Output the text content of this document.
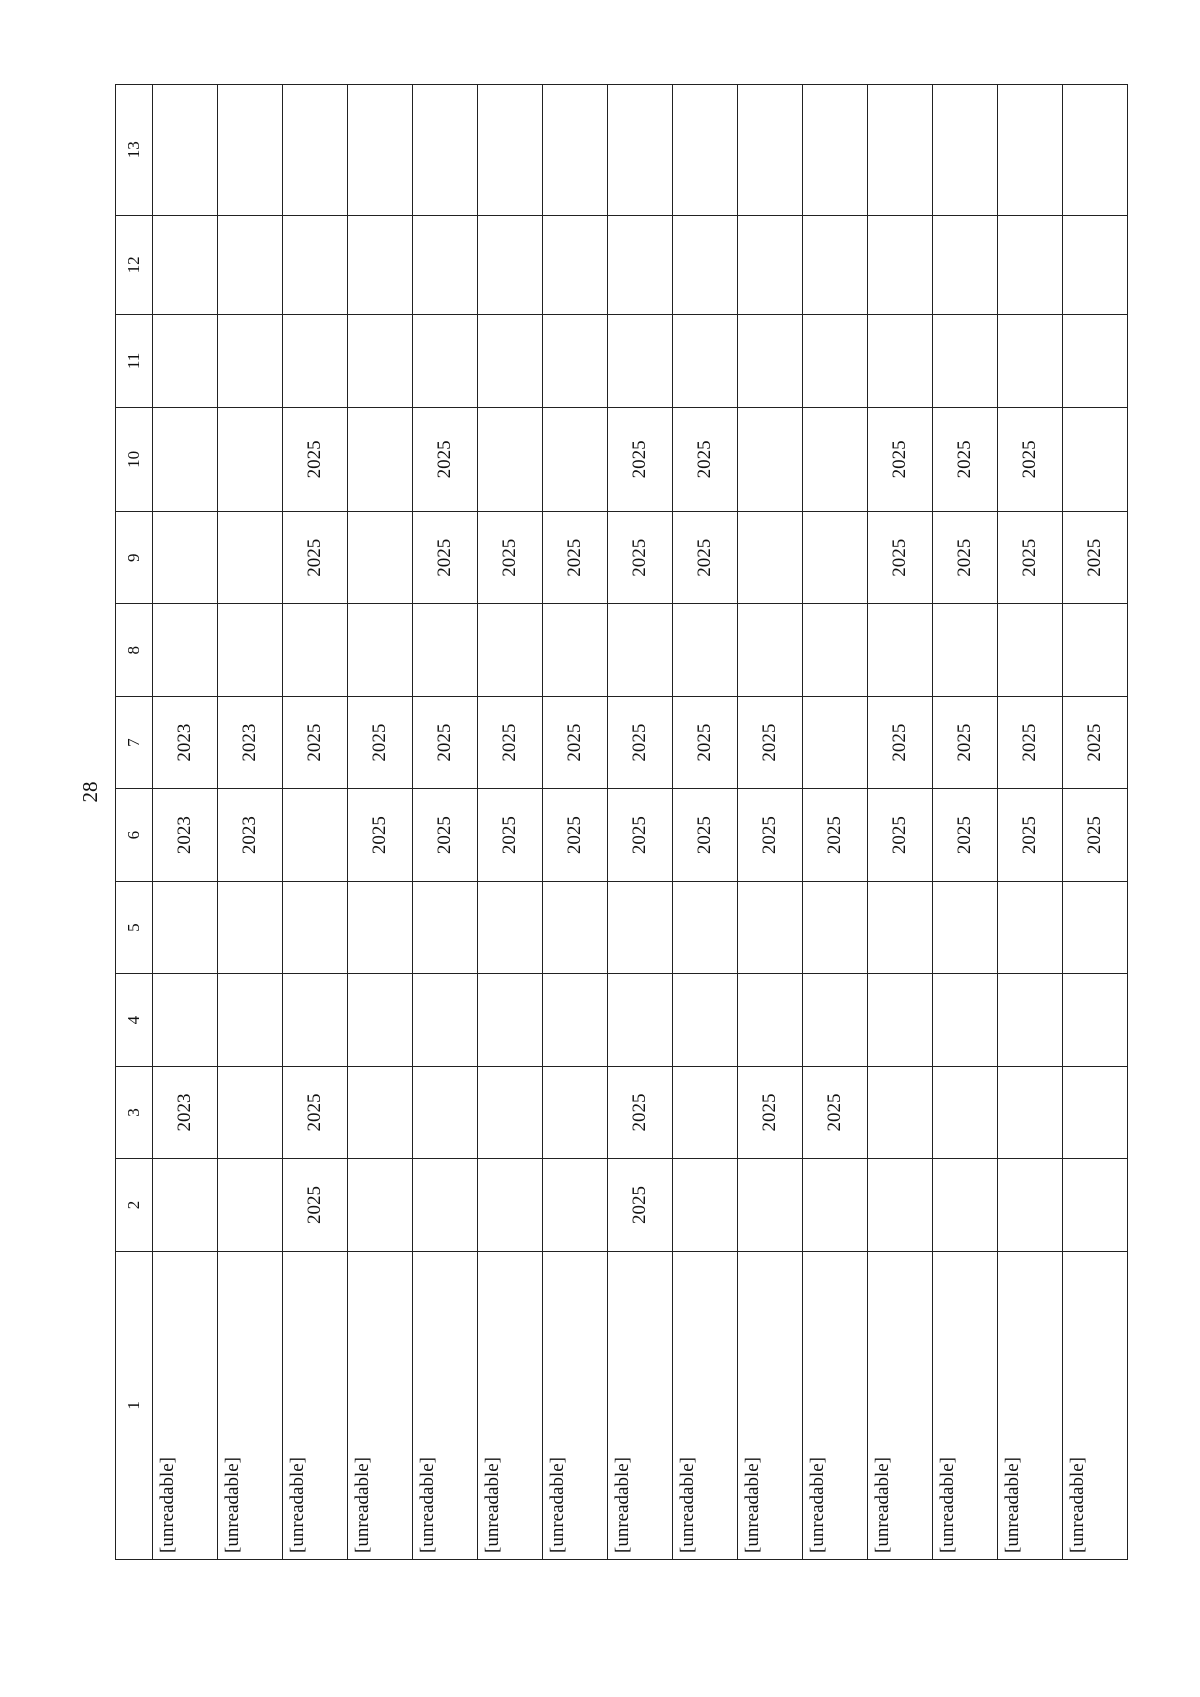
28
1	2	3	4	5	6	7	8	9	10	11	12	13
[unreadable]		2023			2023	2023						
[unreadable]					2023	2023						
[unreadable]	2025	2025				2025		2025	2025			
[unreadable]					2025	2025						
[unreadable]					2025	2025		2025	2025			
[unreadable]					2025	2025		2025				
[unreadable]					2025	2025		2025				
[unreadable]	2025	2025			2025	2025		2025	2025			
[unreadable]					2025	2025		2025	2025			
[unreadable]		2025			2025	2025						
[unreadable]		2025			2025							
[unreadable]					2025	2025		2025	2025			
[unreadable]					2025	2025		2025	2025			
[unreadable]					2025	2025		2025	2025			
[unreadable]					2025	2025		2025				
